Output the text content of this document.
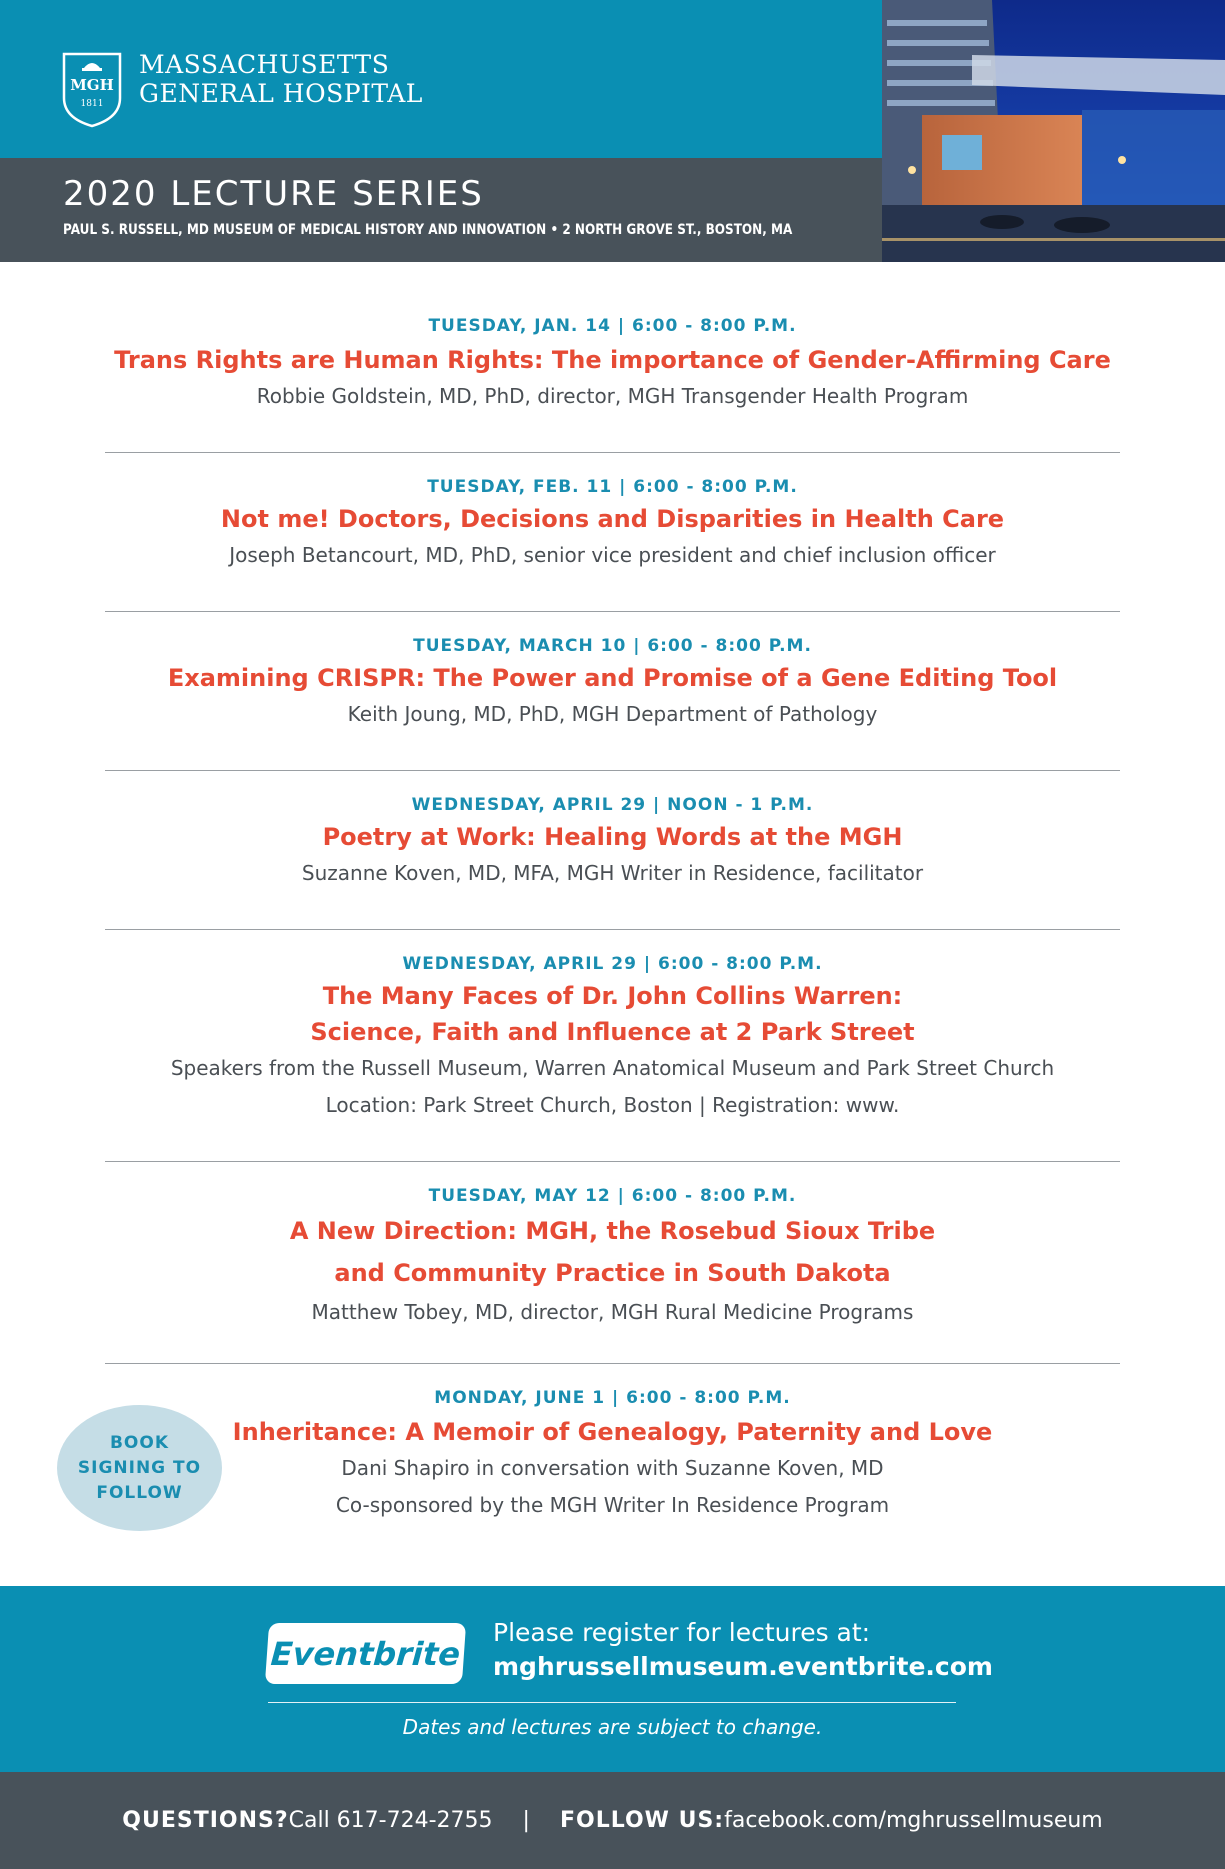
MGH
1811
MASSACHUSETTS
GENERAL HOSPITAL
2020 LECTURE SERIES
PAUL S. RUSSELL, MD MUSEUM OF MEDICAL HISTORY AND INNOVATION • 2 NORTH GROVE ST., BOSTON, MA
TUESDAY, JAN. 14 | 6:00 - 8:00 P.M.
Trans Rights are Human Rights: The importance of Gender-Affirming Care
Robbie Goldstein, MD, PhD, director, MGH Transgender Health Program
TUESDAY, FEB. 11 | 6:00 - 8:00 P.M.
Not me! Doctors, Decisions and Disparities in Health Care
Joseph Betancourt, MD, PhD, senior vice president and chief inclusion officer
TUESDAY, MARCH 10 | 6:00 - 8:00 P.M.
Examining CRISPR: The Power and Promise of a Gene Editing Tool
Keith Joung, MD, PhD, MGH Department of Pathology
WEDNESDAY, APRIL 29 | NOON - 1 P.M.
Poetry at Work: Healing Words at the MGH
Suzanne Koven, MD, MFA, MGH Writer in Residence, facilitator
WEDNESDAY, APRIL 29 | 6:00 - 8:00 P.M.
The Many Faces of Dr. John Collins Warren:
Science, Faith and Influence at 2 Park Street
Speakers from the Russell Museum, Warren Anatomical Museum and Park Street Church
Location: Park Street Church, Boston | Registration: www.
TUESDAY, MAY 12 | 6:00 - 8:00 P.M.
A New Direction: MGH, the Rosebud Sioux Tribe
and Community Practice in South Dakota
Matthew Tobey, MD, director, MGH Rural Medicine Programs
MONDAY, JUNE 1 | 6:00 - 8:00 P.M.
Inheritance: A Memoir of Genealogy, Paternity and Love
Dani Shapiro in conversation with Suzanne Koven, MD
Co-sponsored by the MGH Writer In Residence Program
BOOK
SIGNING TO
FOLLOW
Eventbrite
Please register for lectures at:
mghrussellmuseum.eventbrite.com
Dates and lectures are subject to change.
QUESTIONS? Call 617-724-2755 | FOLLOW US: facebook.com/mghrussellmuseum
